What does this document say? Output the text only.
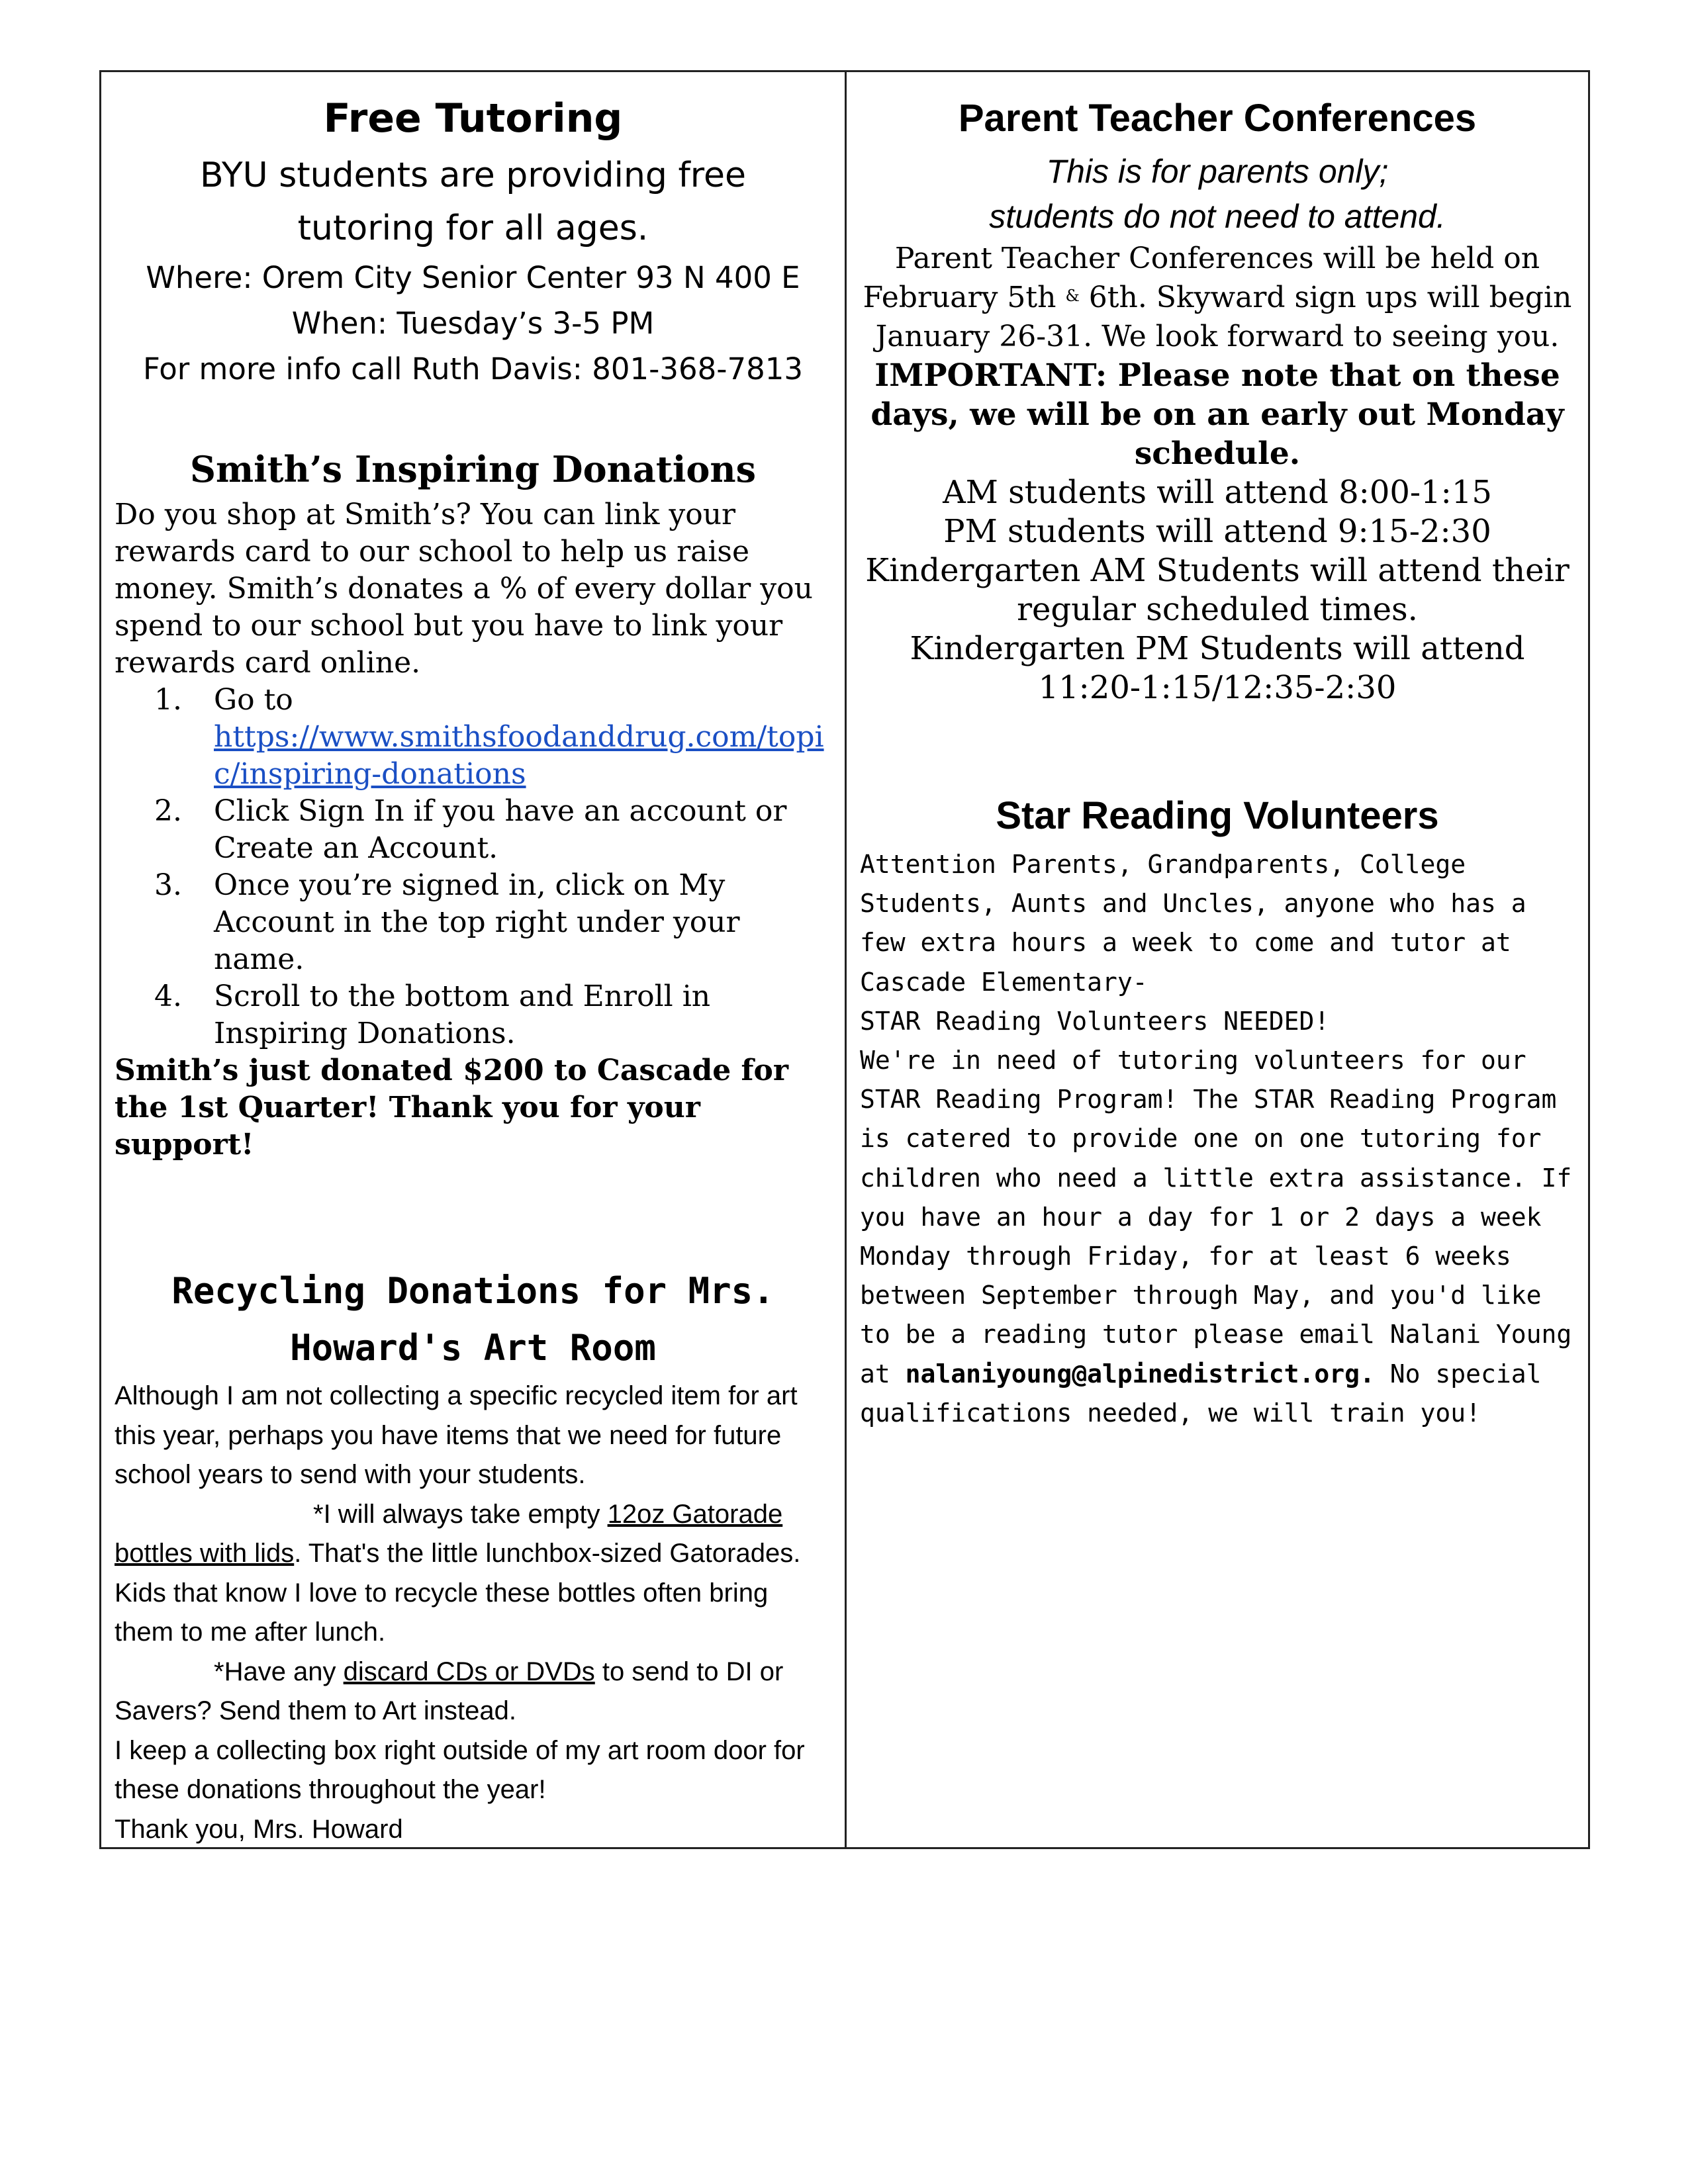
Free Tutoring

BYU students are providing free

tutoring for all ages.

Where: Orem City Senior Center 93 N 400 E

When: Tuesday’s 3-5 PM

For more info call Ruth Davis: 801-368-7813

Smith’s Inspiring Donations

Do you shop at Smith’s? You can link your rewards card to our school to help us raise money. Smith’s donates a % of every dollar you spend to our school but you have to link your rewards card online.

1.	Go to
https://www.smithsfoodanddrug.com/topic/inspiring-donations
2.	Click Sign In if you have an account or Create an Account.
3.	Once you’re signed in, click on My Account in the top right under your name.
4.	Scroll to the bottom and Enroll in Inspiring Donations.

Smith’s just donated $200 to Cascade for the 1st Quarter! Thank you for your support!

Recycling Donations for Mrs.
Howard's Art Room

Although I am not collecting a specific recycled item for art this year, perhaps you have items that we need for future school years to send with your students.

*I will always take empty 12oz Gatorade bottles with lids. That's the little lunchbox-sized Gatorades. Kids that know I love to recycle these bottles often bring them to me after lunch.

*Have any discard CDs or DVDs to send to DI or Savers? Send them to Art instead.

I keep a collecting box right outside of my art room door for these donations throughout the year!

Thank you, Mrs. Howard

Parent Teacher Conferences

This is for parents only;

students do not need to attend.

Parent Teacher Conferences will be held on

February 5th & 6th. Skyward sign ups will begin

January 26-31. We look forward to seeing you.

IMPORTANT: Please note that on these days, we will be on an early out Monday schedule.

AM students will attend 8:00-1:15

PM students will attend 9:15-2:30

Kindergarten AM Students will attend their regular scheduled times.

Kindergarten PM Students will attend

11:20-1:15/12:35-2:30

Star Reading Volunteers

Attention Parents, Grandparents, College
Students, Aunts and Uncles, anyone who has a
few extra hours a week to come and tutor at
Cascade Elementary-
STAR Reading Volunteers NEEDED!
We're in need of tutoring volunteers for our
STAR Reading Program! The STAR Reading Program
is catered to provide one on one tutoring for
children who need a little extra assistance. If
you have an hour a day for 1 or 2 days a week
Monday through Friday, for at least 6 weeks
between September through May, and you'd like
to be a reading tutor please email Nalani Young
at nalaniyoung@alpinedistrict.org. No special
qualifications needed, we will train you!
